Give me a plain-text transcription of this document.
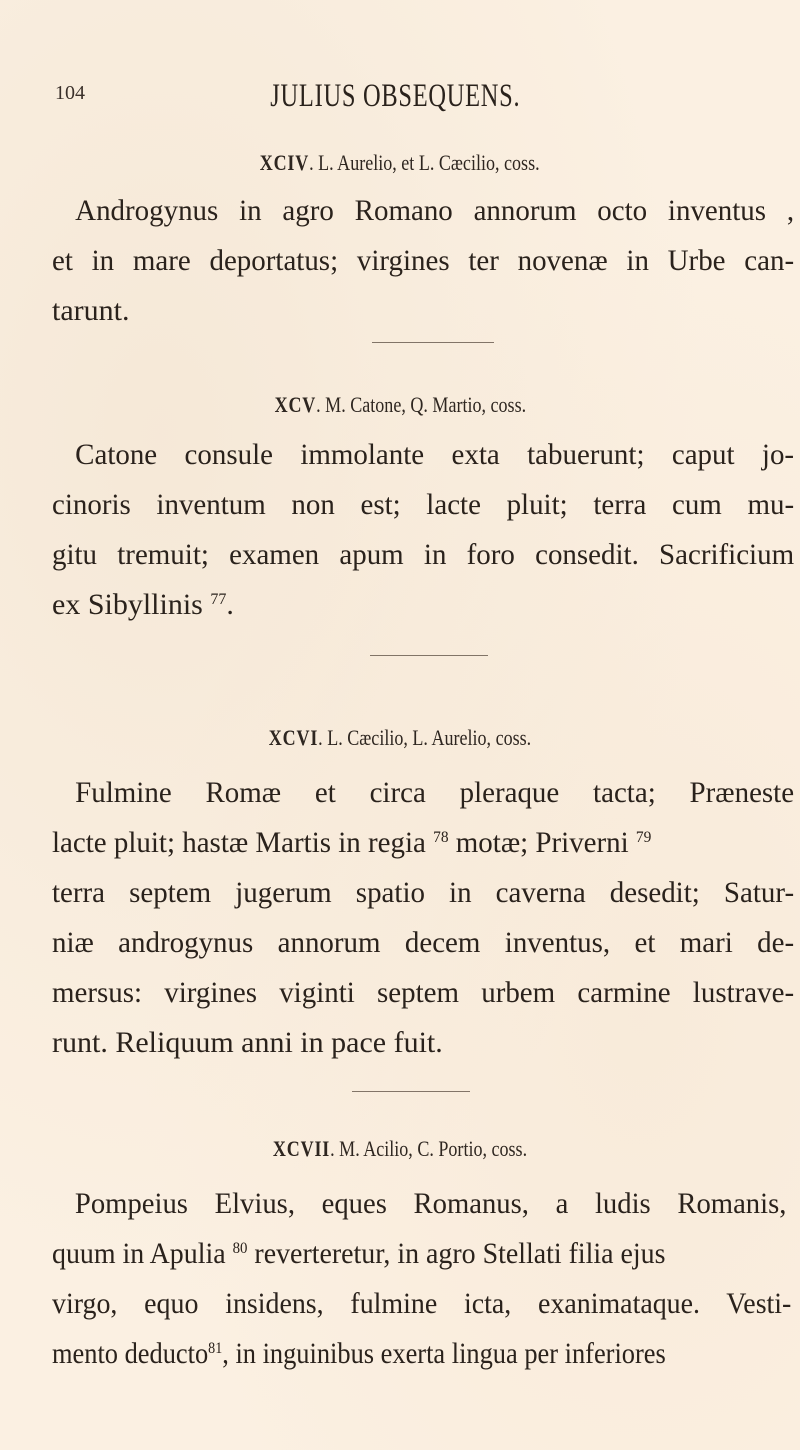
104	JULIUS OBSEQUENS.
XCIV. L. Aurelio, et L. Cæcilio, coss.
Androgynus in agro Romano annorum octo inventus ,
et in mare deportatus; virgines ter novenæ in Urbe can-
tarunt.
XCV. M. Catone, Q. Martio, coss.
Catone consule immolante exta tabuerunt; caput jo-
cinoris inventum non est; lacte pluit; terra cum mu-
gitu tremuit; examen apum in foro consedit. Sacrificium
ex Sibyllinis $^{77}$.
XCVI. L. Cæcilio, L. Aurelio, coss.
Fulmine Romæ et circa pleraque tacta; Præneste
lacte pluit; hastæ Martis in regia $^{78}$ motæ; Priverni $^{79}$
terra septem jugerum spatio in caverna desedit; Satur-
niæ androgynus annorum decem inventus, et mari de-
mersus: virgines viginti septem urbem carmine lustrave-
runt. Reliquum anni in pace fuit.
XCVII. M. Acilio, C. Portio, coss.
Pompeius Elvius, eques Romanus, a ludis Romanis,
quum in Apulia $^{80}$ reverteretur, in agro Stellati filia ejus
virgo, equo insidens, fulmine icta, exanimataque. Vesti-
mento deducto$^{81}$, in inguinibus exerta lingua per inferiores
